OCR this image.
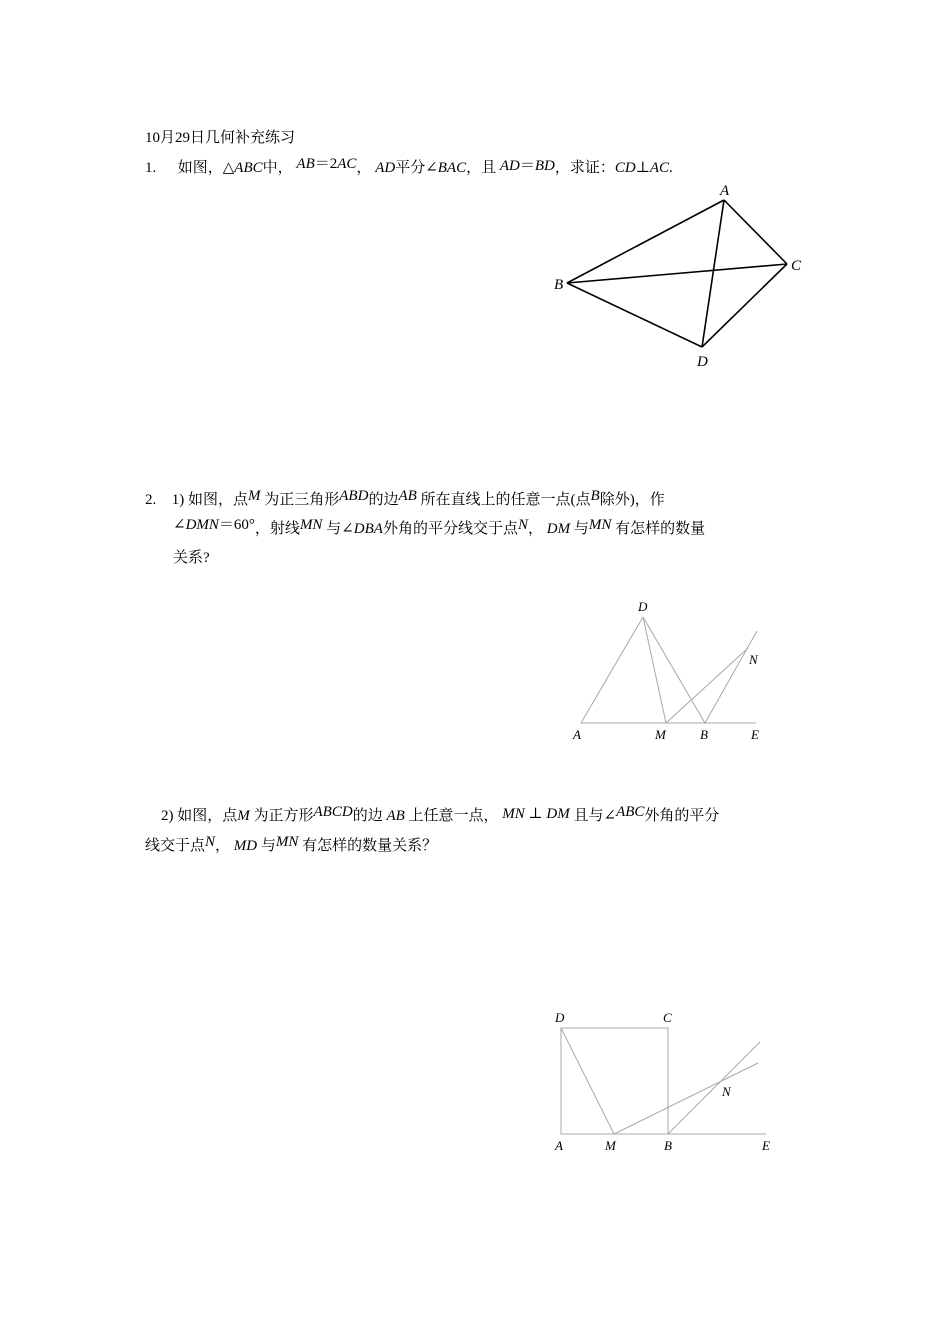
10月29日几何补充练习
1. 如图，△ABC中， AB＝2AC， AD平分∠BAC，且 AD＝BD，求证：CD⊥AC.
A
B
C
D
2. 1) 如图，点M 为正三角形ABD的边AB 所在直线上的任意一点(点B除外)，作
∠DMN＝60°，射线MN 与∠DBA外角的平分线交于点N， DM 与MN 有怎样的数量
关系?
D
N
A	M	B	E
2) 如图，点M 为正方形ABCD的边 AB 上任意一点， MN ⊥ DM 且与∠ABC外角的平分
线交于点N， MD 与MN 有怎样的数量关系？
D	C
N
A	M	B	E
